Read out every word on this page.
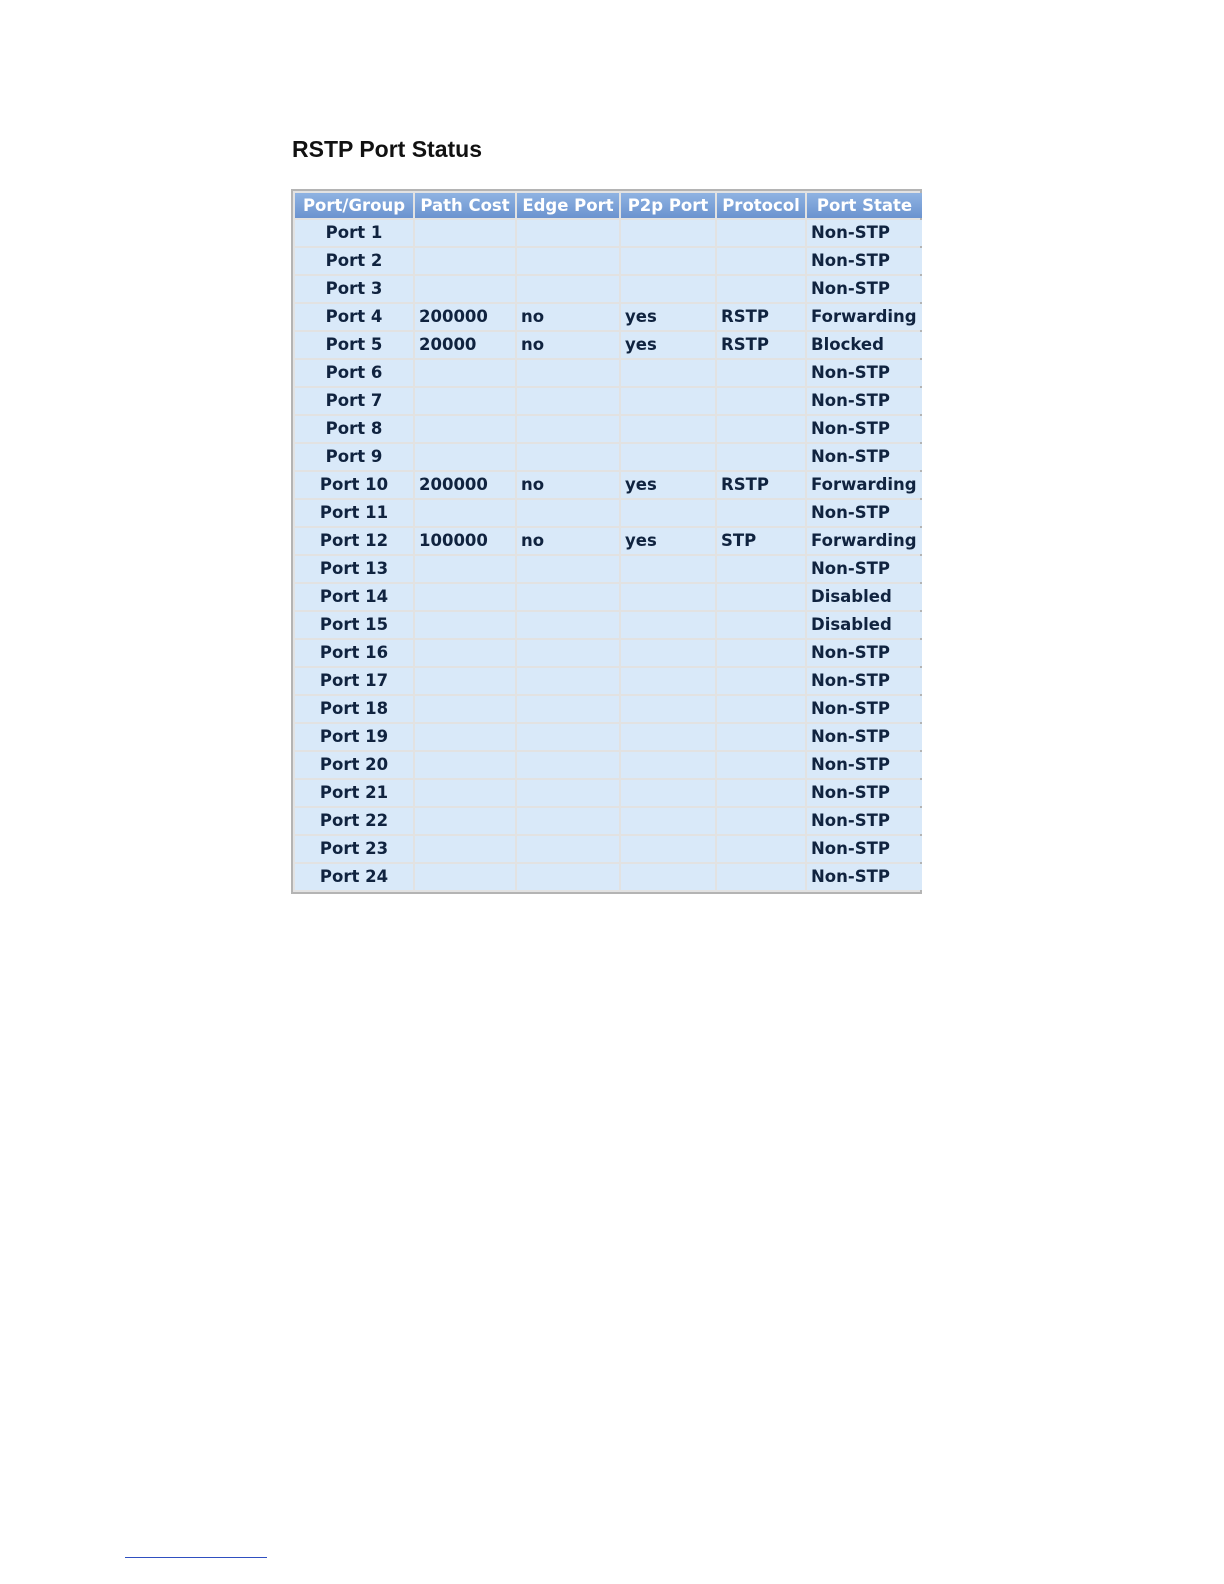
RSTP Port Status
Port/Group	Path Cost	Edge Port	P2p Port	Protocol	Port State
Port 1					Non-STP
Port 2					Non-STP
Port 3					Non-STP
Port 4	200000	no	yes	RSTP	Forwarding
Port 5	20000	no	yes	RSTP	Blocked
Port 6					Non-STP
Port 7					Non-STP
Port 8					Non-STP
Port 9					Non-STP
Port 10	200000	no	yes	RSTP	Forwarding
Port 11					Non-STP
Port 12	100000	no	yes	STP	Forwarding
Port 13					Non-STP
Port 14					Disabled
Port 15					Disabled
Port 16					Non-STP
Port 17					Non-STP
Port 18					Non-STP
Port 19					Non-STP
Port 20					Non-STP
Port 21					Non-STP
Port 22					Non-STP
Port 23					Non-STP
Port 24					Non-STP
